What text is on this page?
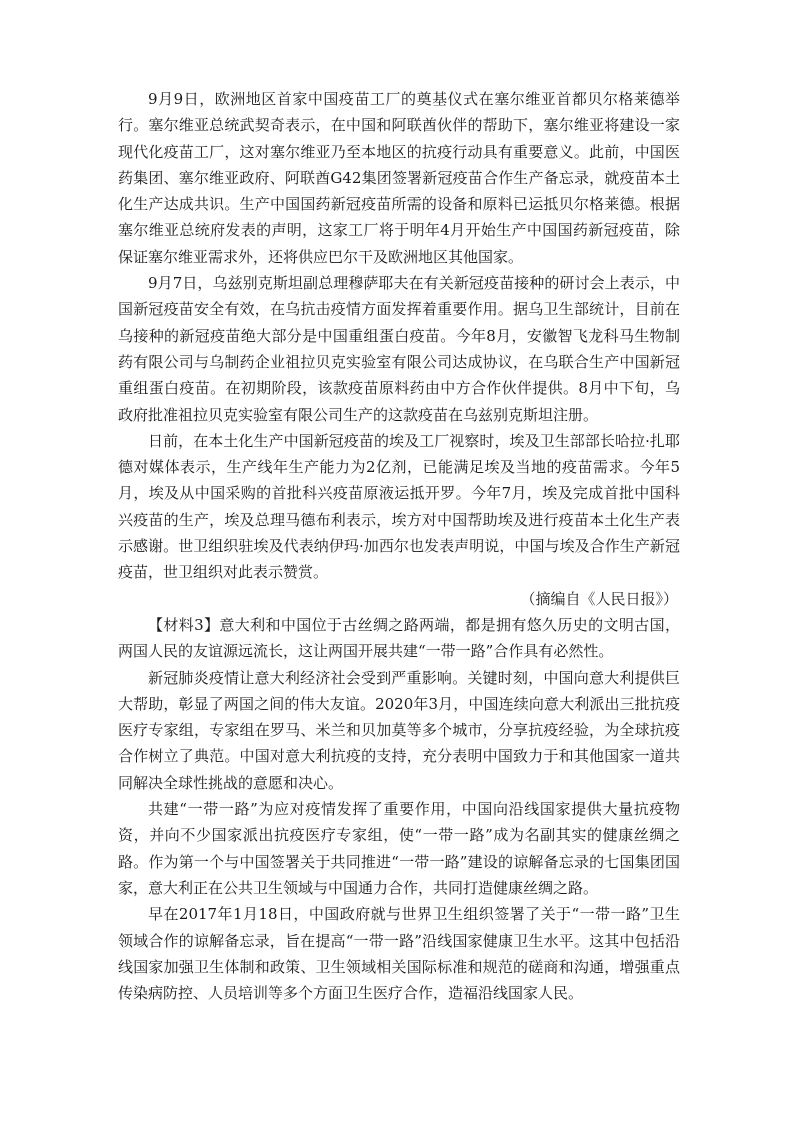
9月9日，欧洲地区首家中国疫苗工厂的奠基仪式在塞尔维亚首都贝尔格莱德举行。塞尔维亚总统武契奇表示，在中国和阿联酋伙伴的帮助下，塞尔维亚将建设一家现代化疫苗工厂，这对塞尔维亚乃至本地区的抗疫行动具有重要意义。此前，中国医药集团、塞尔维亚政府、阿联酋G42集团签署新冠疫苗合作生产备忘录，就疫苗本土化生产达成共识。生产中国国药新冠疫苗所需的设备和原料已运抵贝尔格莱德。根据塞尔维亚总统府发表的声明，这家工厂将于明年4月开始生产中国国药新冠疫苗，除保证塞尔维亚需求外，还将供应巴尔干及欧洲地区其他国家。

9月7日，乌兹别克斯坦副总理穆萨耶夫在有关新冠疫苗接种的研讨会上表示，中国新冠疫苗安全有效，在乌抗击疫情方面发挥着重要作用。据乌卫生部统计，目前在乌接种的新冠疫苗绝大部分是中国重组蛋白疫苗。今年8月，安徽智飞龙科马生物制药有限公司与乌制药企业祖拉贝克实验室有限公司达成协议，在乌联合生产中国新冠重组蛋白疫苗。在初期阶段，该款疫苗原料药由中方合作伙伴提供。8月中下旬，乌政府批准祖拉贝克实验室有限公司生产的这款疫苗在乌兹别克斯坦注册。

日前，在本土化生产中国新冠疫苗的埃及工厂视察时，埃及卫生部部长哈拉·扎耶德对媒体表示，生产线年生产能力为2亿剂，已能满足埃及当地的疫苗需求。今年5月，埃及从中国采购的首批科兴疫苗原液运抵开罗。今年7月，埃及完成首批中国科兴疫苗的生产，埃及总理马德布利表示，埃方对中国帮助埃及进行疫苗本土化生产表示感谢。世卫组织驻埃及代表纳伊玛·加西尔也发表声明说，中国与埃及合作生产新冠疫苗，世卫组织对此表示赞赏。

（摘编自《人民日报》）

【材料3】意大利和中国位于古丝绸之路两端，都是拥有悠久历史的文明古国，两国人民的友谊源远流长，这让两国开展共建“一带一路”合作具有必然性。

新冠肺炎疫情让意大利经济社会受到严重影响。关键时刻，中国向意大利提供巨大帮助，彰显了两国之间的伟大友谊。2020年3月，中国连续向意大利派出三批抗疫医疗专家组，专家组在罗马、米兰和贝加莫等多个城市，分享抗疫经验，为全球抗疫合作树立了典范。中国对意大利抗疫的支持，充分表明中国致力于和其他国家一道共同解决全球性挑战的意愿和决心。

共建“一带一路”为应对疫情发挥了重要作用，中国向沿线国家提供大量抗疫物资，并向不少国家派出抗疫医疗专家组，使“一带一路”成为名副其实的健康丝绸之路。作为第一个与中国签署关于共同推进“一带一路”建设的谅解备忘录的七国集团国家，意大利正在公共卫生领域与中国通力合作，共同打造健康丝绸之路。

早在2017年1月18日，中国政府就与世界卫生组织签署了关于“一带一路”卫生领域合作的谅解备忘录，旨在提高“一带一路”沿线国家健康卫生水平。这其中包括沿线国家加强卫生体制和政策、卫生领域相关国际标准和规范的磋商和沟通，增强重点传染病防控、人员培训等多个方面卫生医疗合作，造福沿线国家人民。
